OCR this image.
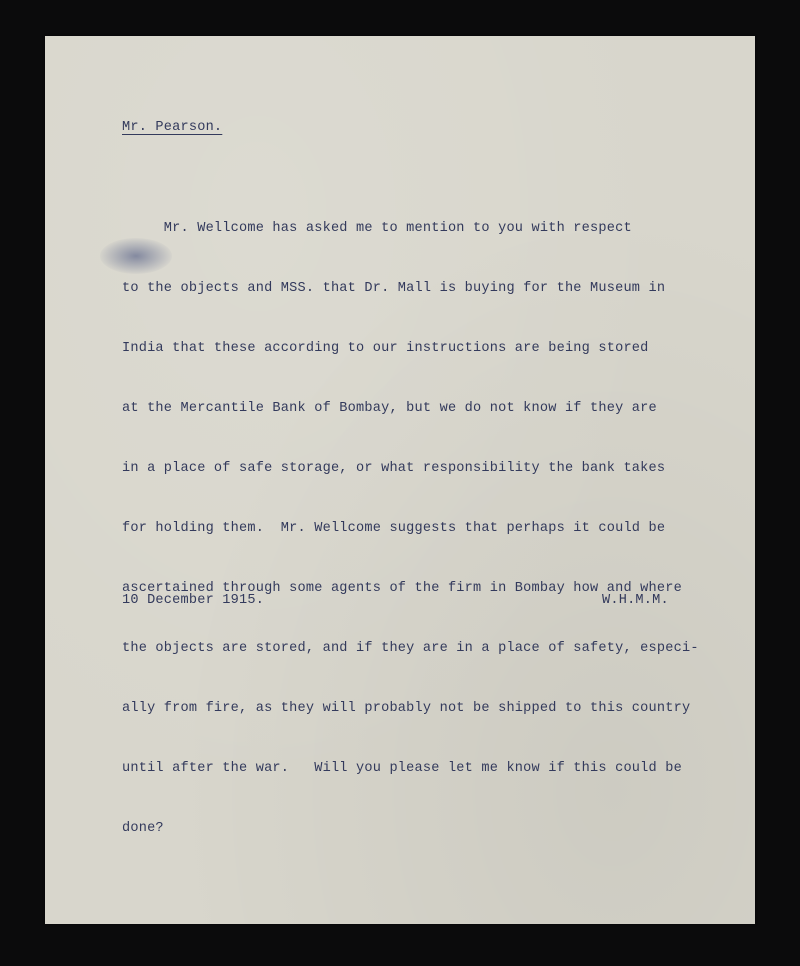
Mr. Pearson.

Mr. Wellcome has asked me to mention to you with respect

to the objects and MSS. that Dr. Mall is buying for the Museum in

India that these according to our instructions are being stored

at the Mercantile Bank of Bombay, but we do not know if they are

in a place of safe storage, or what responsibility the bank takes

for holding them.  Mr. Wellcome suggests that perhaps it could be

ascertained through some agents of the firm in Bombay how and where

the objects are stored, and if they are in a place of safety, especi-

ally from fire, as they will probably not be shipped to this country

until after the war.   Will you please let me know if this could be

done?

10 December 1915.	W.H.M.M.
